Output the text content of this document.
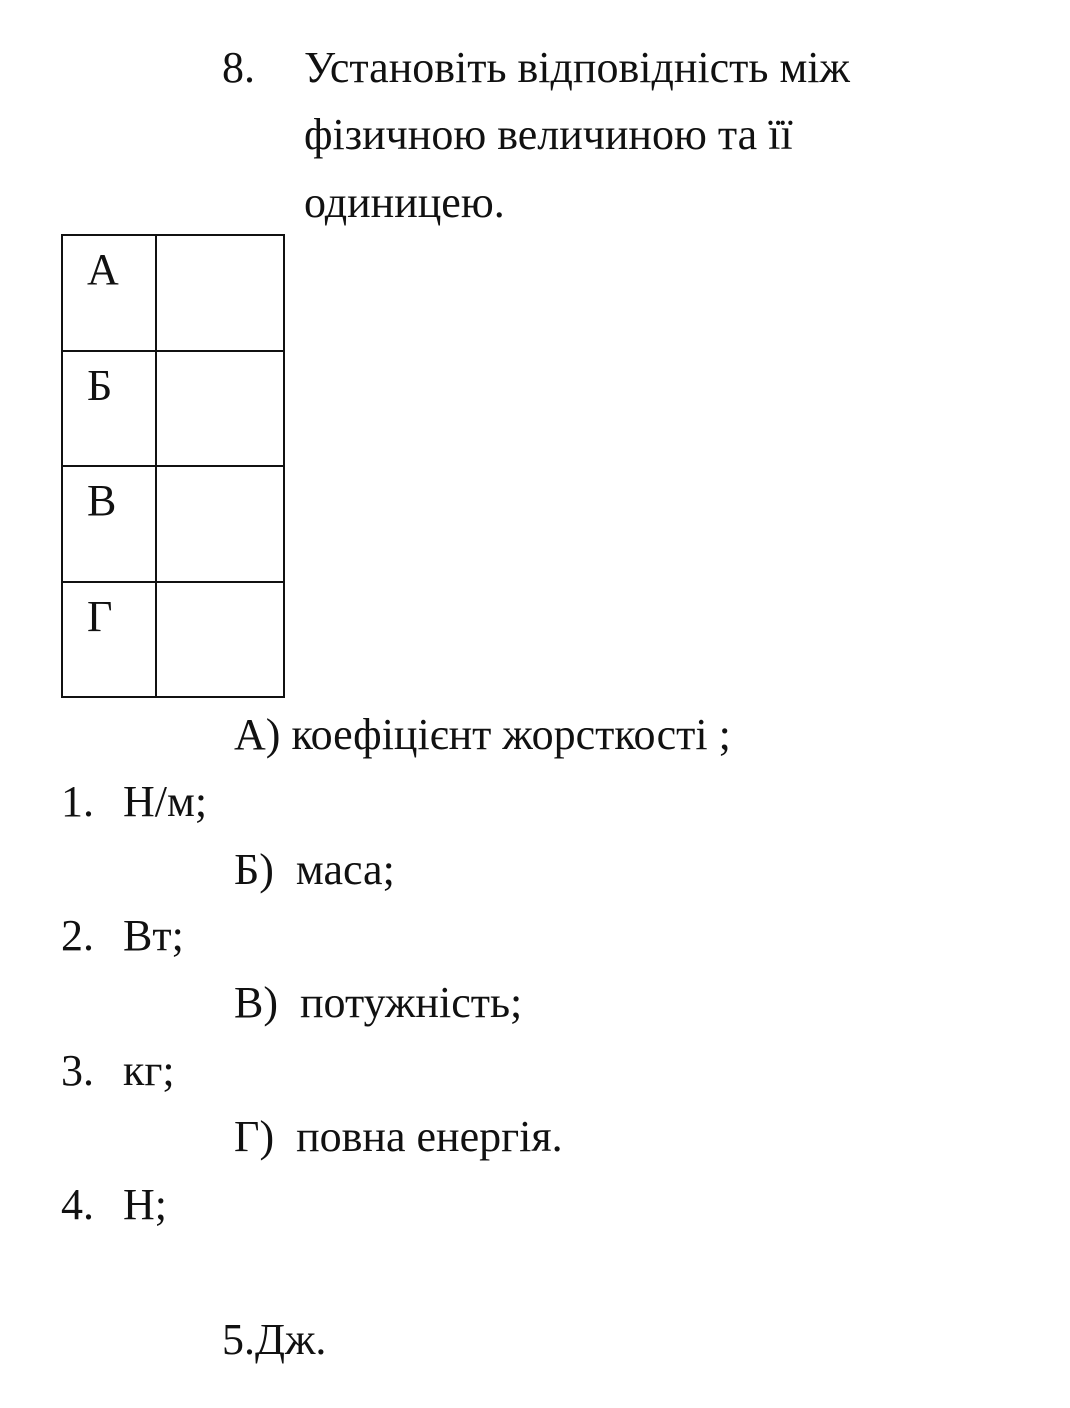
8. Установіть відповідність між
фізичною величиною та її
одиницею.
А	
Б	
В	
Г	
А) коефіцієнт жорсткості ;
Б)  маса;
В)  потужність;
Г)  повна енергія.
1. Н/м;
2. Вт;
3. кг;
4. Н;
5.Дж.
